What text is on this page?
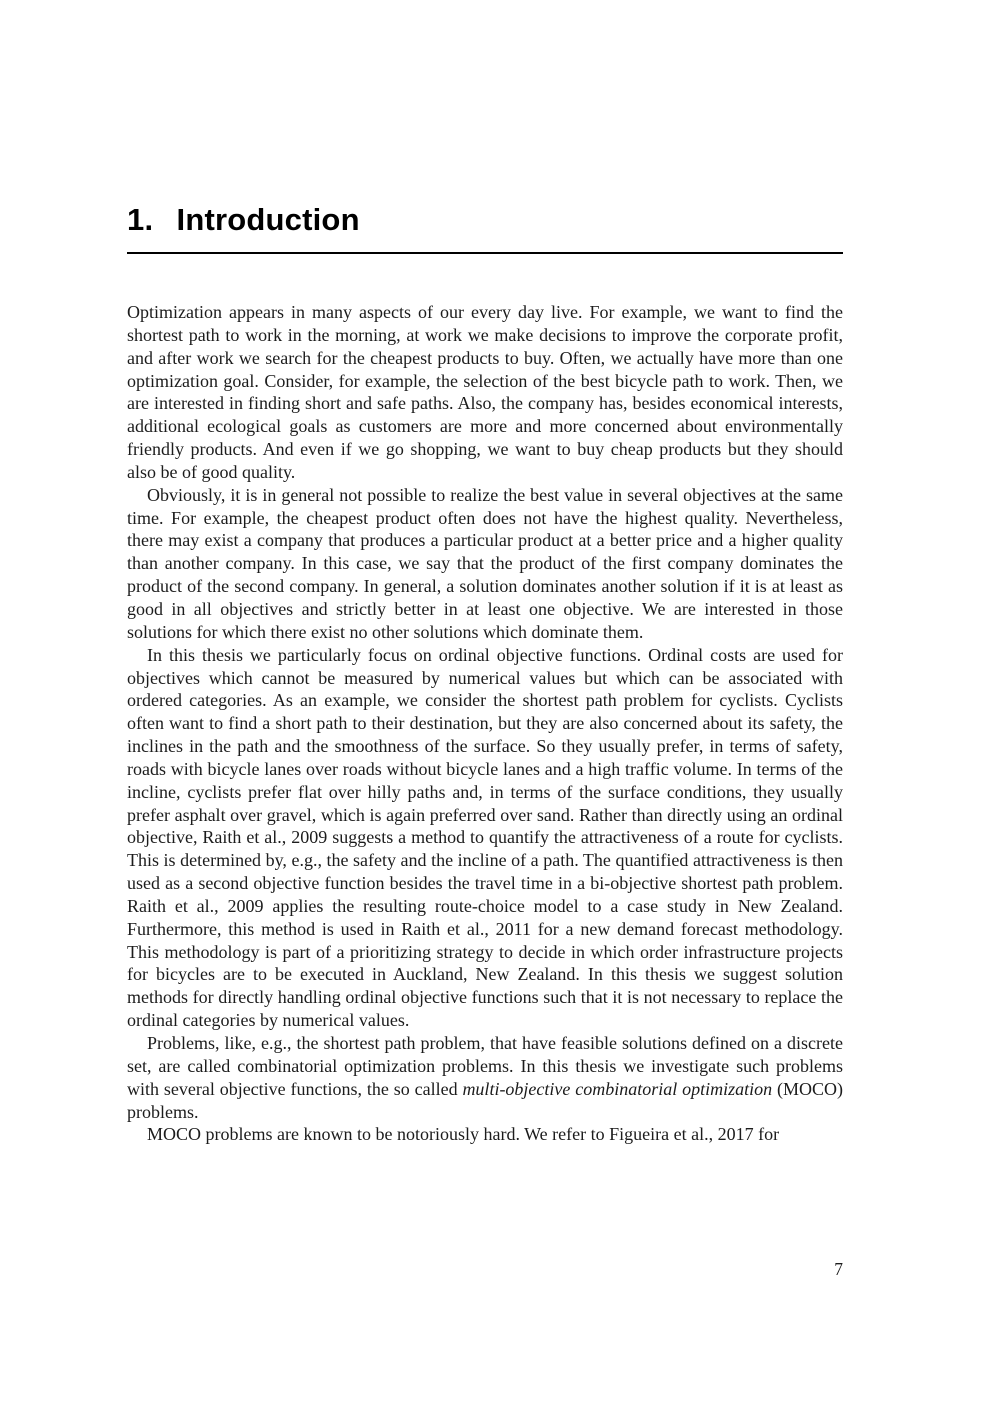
1. Introduction

Optimization appears in many aspects of our every day live. For example, we want to find the shortest path to work in the morning, at work we make decisions to improve the corporate profit, and after work we search for the cheapest products to buy. Often, we actually have more than one optimization goal. Consider, for example, the selection of the best bicycle path to work. Then, we are interested in finding short and safe paths. Also, the company has, besides economical interests, additional ecological goals as customers are more and more concerned about environmentally friendly products. And even if we go shopping, we want to buy cheap products but they should also be of good quality.

Obviously, it is in general not possible to realize the best value in several objectives at the same time. For example, the cheapest product often does not have the highest quality. Nevertheless, there may exist a company that produces a particular product at a better price and a higher quality than another company. In this case, we say that the product of the first company dominates the product of the second company. In general, a solution dominates another solution if it is at least as good in all objectives and strictly better in at least one objective. We are interested in those solutions for which there exist no other solutions which dominate them.

In this thesis we particularly focus on ordinal objective functions. Ordinal costs are used for objectives which cannot be measured by numerical values but which can be associated with ordered categories. As an example, we consider the shortest path problem for cyclists. Cyclists often want to find a short path to their destination, but they are also concerned about its safety, the inclines in the path and the smoothness of the surface. So they usually prefer, in terms of safety, roads with bicycle lanes over roads without bicycle lanes and a high traffic volume. In terms of the incline, cyclists prefer flat over hilly paths and, in terms of the surface conditions, they usually prefer asphalt over gravel, which is again preferred over sand. Rather than directly using an ordinal objective, Raith et al., 2009 suggests a method to quantify the attractiveness of a route for cyclists. This is determined by, e.g., the safety and the incline of a path. The quantified attractiveness is then used as a second objective function besides the travel time in a bi-objective shortest path problem. Raith et al., 2009 applies the resulting route-choice model to a case study in New Zealand. Furthermore, this method is used in Raith et al., 2011 for a new demand forecast methodology. This methodology is part of a prioritizing strategy to decide in which order infrastructure projects for bicycles are to be executed in Auckland, New Zealand. In this thesis we suggest solution methods for directly handling ordinal objective functions such that it is not necessary to replace the ordinal categories by numerical values.

Problems, like, e.g., the shortest path problem, that have feasible solutions defined on a discrete set, are called combinatorial optimization problems. In this thesis we investigate such problems with several objective functions, the so called multi-objective combinatorial optimization (MOCO) problems.

MOCO problems are known to be notoriously hard. We refer to Figueira et al., 2017 for

7
